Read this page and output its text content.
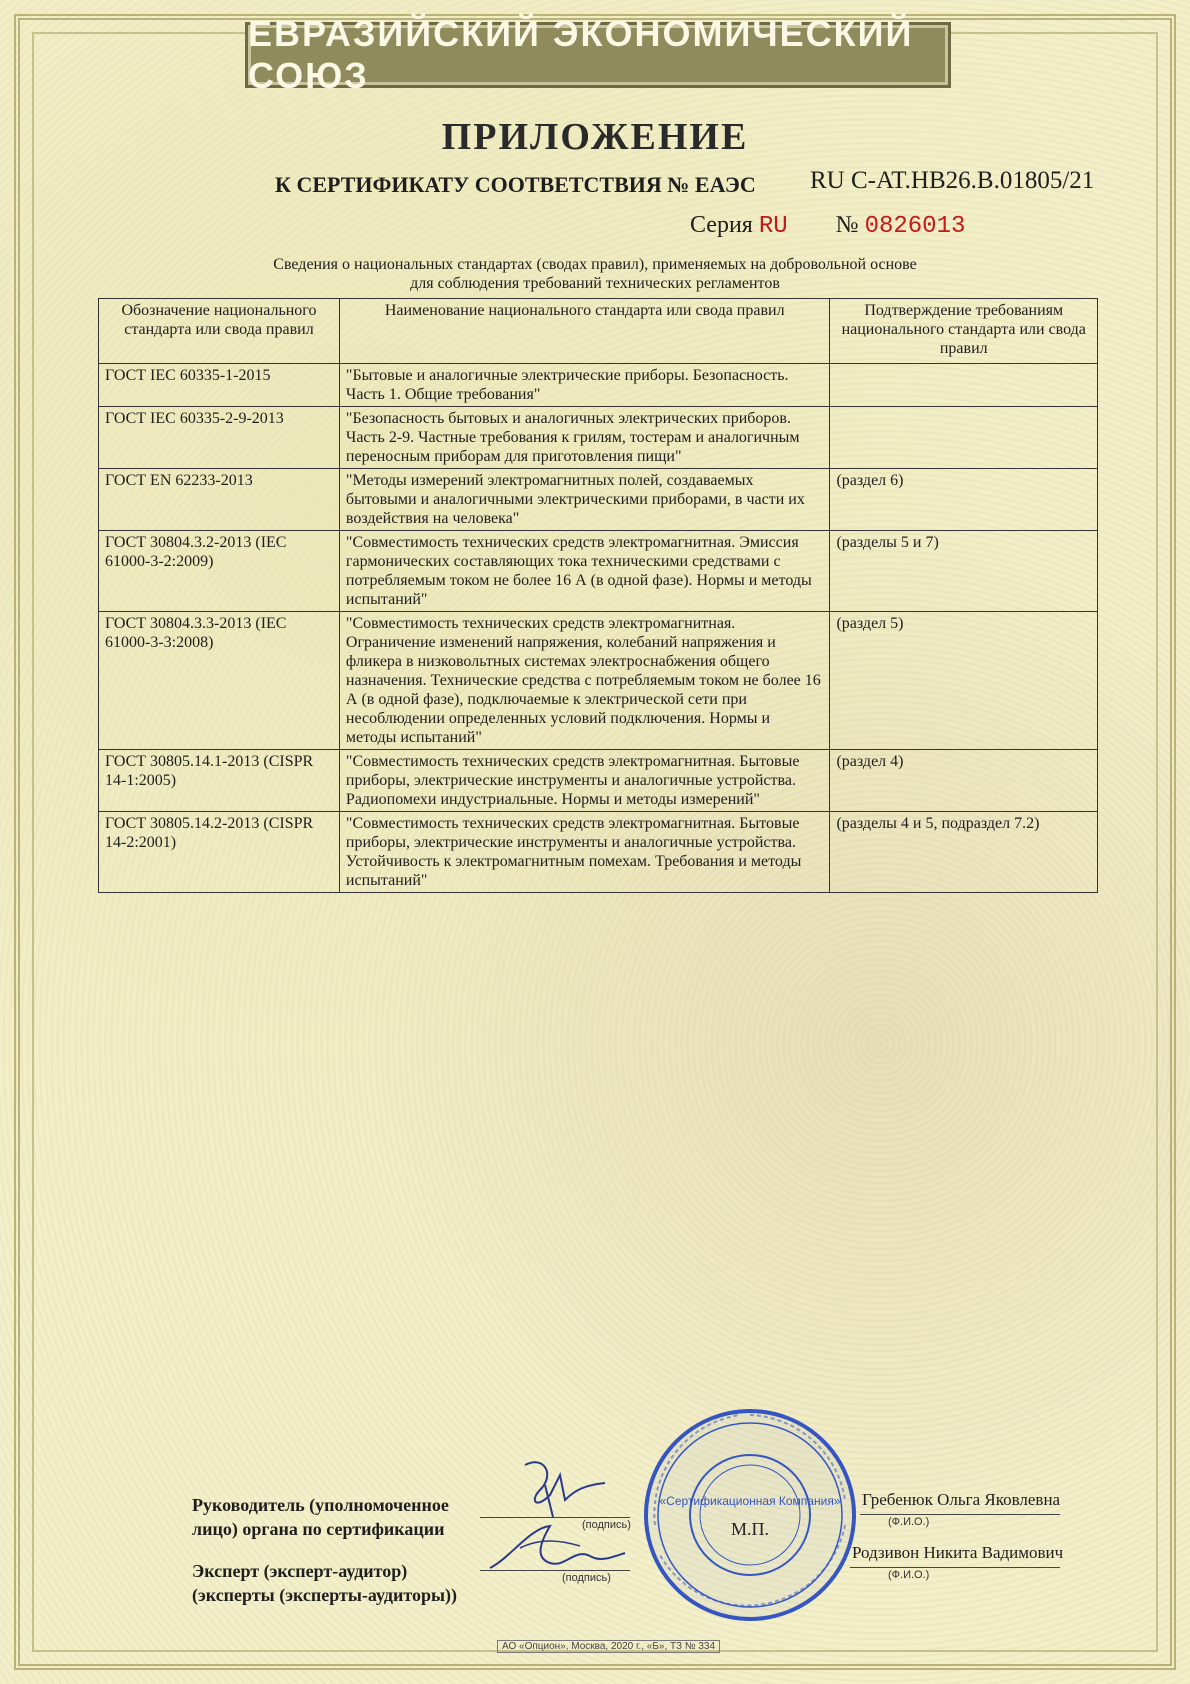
ЕВРАЗИЙСКИЙ ЭКОНОМИЧЕСКИЙ СОЮЗ
ПРИЛОЖЕНИЕ
К СЕРТИФИКАТУ СООТВЕТСТВИЯ № ЕАЭС RU С-AT.HB26.B.01805/21
Серия RU № 0826013
Сведения о национальных стандартах (сводах правил), применяемых на добровольной основе
для соблюдения требований технических регламентов
Обозначение национального стандарта или свода правил	Наименование национального стандарта или свода правил	Подтверждение требованиям национального стандарта или свода правил
ГОСТ IEC 60335-1-2015	"Бытовые и аналогичные электрические приборы. Безопасность. Часть 1. Общие требования"	
ГОСТ IEC 60335-2-9-2013	"Безопасность бытовых и аналогичных электрических приборов. Часть 2-9. Частные требования к грилям, тостерам и аналогичным переносным приборам для приготовления пищи"	
ГОСТ EN 62233-2013	"Методы измерений электромагнитных полей, создаваемых бытовыми и аналогичными электрическими приборами, в части их воздействия на человека"	(раздел 6)
ГОСТ 30804.3.2-2013 (IEC 61000-3-2:2009)	"Совместимость технических средств электромагнитная. Эмиссия гармонических составляющих тока техническими средствами с потребляемым током не более 16 А (в одной фазе). Нормы и методы испытаний"	(разделы 5 и 7)
ГОСТ 30804.3.3-2013 (IEC 61000-3-3:2008)	"Совместимость технических средств электромагнитная. Ограничение изменений напряжения, колебаний напряжения и фликера в низковольтных системах электроснабжения общего назначения. Технические средства с потребляемым током не более 16 А (в одной фазе), подключаемые к электрической сети при несоблюдении определенных условий подключения. Нормы и методы испытаний"	(раздел 5)
ГОСТ 30805.14.1-2013 (CISPR 14-1:2005)	"Совместимость технических средств электромагнитная. Бытовые приборы, электрические инструменты и аналогичные устройства. Радиопомехи индустриальные. Нормы и методы измерений"	(раздел 4)
ГОСТ 30805.14.2-2013 (CISPR 14-2:2001)	"Совместимость технических средств электромагнитная. Бытовые приборы, электрические инструменты и аналогичные устройства. Устойчивость к электромагнитным помехам. Требования и методы испытаний"	(разделы 4 и 5, подраздел 7.2)
Руководитель (уполномоченное
лицо) органа по сертификации	(подпись)
Гребенюк Ольга Яковлевна
(Ф.И.О.)
Эксперт (эксперт-аудитор)
(эксперты (эксперты-аудиторы))
(подпись)
Родзивон Никита Вадимович
(Ф.И.О.)
«Сертификационная Компания»
М.П.
АО «Опцион», Москва, 2020 г., «Б», ТЗ № 334
